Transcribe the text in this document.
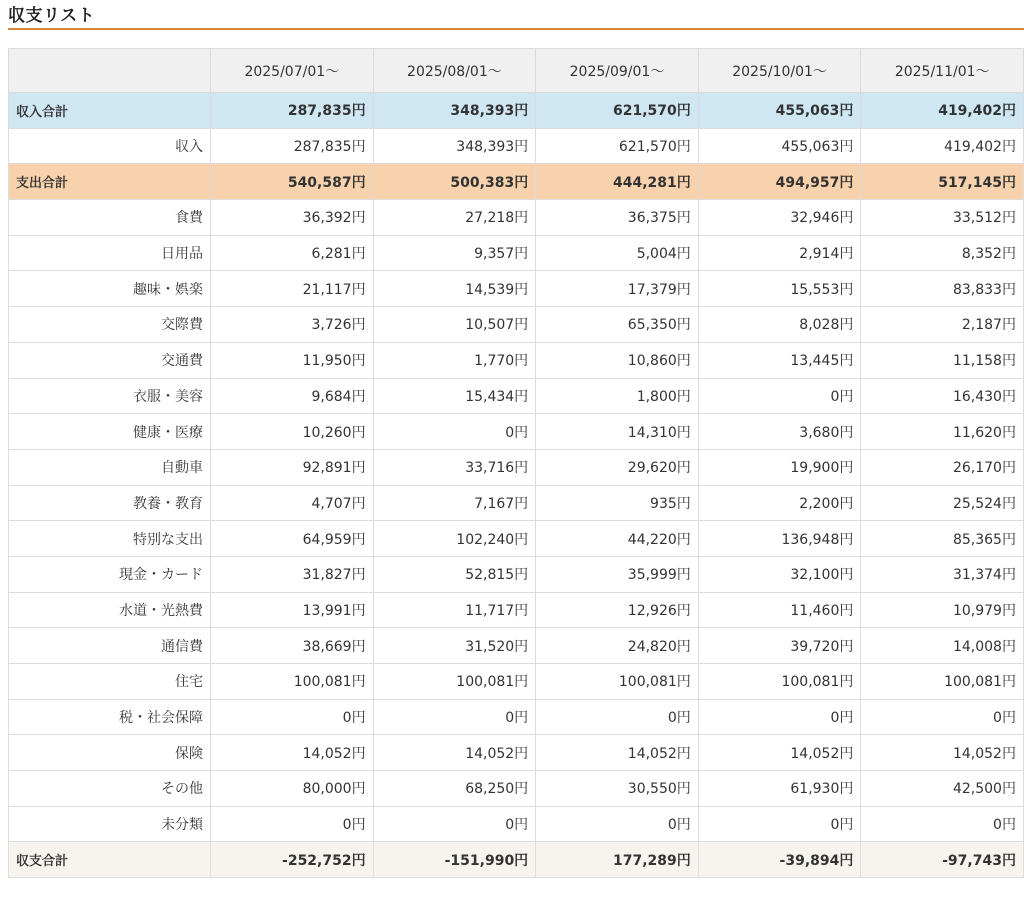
収支リスト
	2025/07/01〜	2025/08/01〜	2025/09/01〜	2025/10/01〜	2025/11/01〜
収入合計	287,835円	348,393円	621,570円	455,063円	419,402円
収入	287,835円	348,393円	621,570円	455,063円	419,402円
支出合計	540,587円	500,383円	444,281円	494,957円	517,145円
食費	36,392円	27,218円	36,375円	32,946円	33,512円
日用品	6,281円	9,357円	5,004円	2,914円	8,352円
趣味・娯楽	21,117円	14,539円	17,379円	15,553円	83,833円
交際費	3,726円	10,507円	65,350円	8,028円	2,187円
交通費	11,950円	1,770円	10,860円	13,445円	11,158円
衣服・美容	9,684円	15,434円	1,800円	0円	16,430円
健康・医療	10,260円	0円	14,310円	3,680円	11,620円
自動車	92,891円	33,716円	29,620円	19,900円	26,170円
教養・教育	4,707円	7,167円	935円	2,200円	25,524円
特別な支出	64,959円	102,240円	44,220円	136,948円	85,365円
現金・カード	31,827円	52,815円	35,999円	32,100円	31,374円
水道・光熱費	13,991円	11,717円	12,926円	11,460円	10,979円
通信費	38,669円	31,520円	24,820円	39,720円	14,008円
住宅	100,081円	100,081円	100,081円	100,081円	100,081円
税・社会保障	0円	0円	0円	0円	0円
保険	14,052円	14,052円	14,052円	14,052円	14,052円
その他	80,000円	68,250円	30,550円	61,930円	42,500円
未分類	0円	0円	0円	0円	0円
収支合計	-252,752円	-151,990円	177,289円	-39,894円	-97,743円
